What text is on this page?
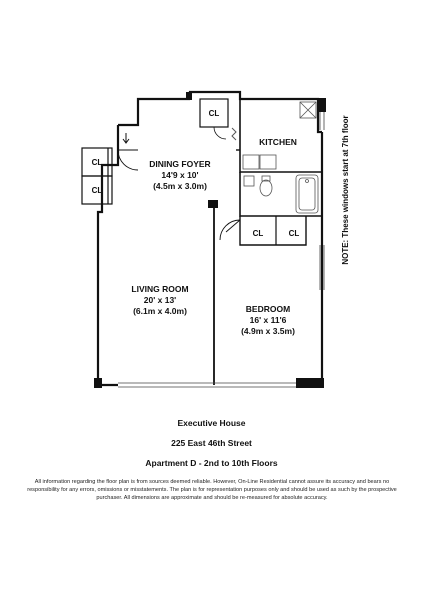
CL
CL
CL
CL	CL
KITCHEN
DINING FOYER
14'9 x 10'
(4.5m x 3.0m)
LIVING ROOM
20' x 13'
(6.1m x 4.0m)	BEDROOM
16' x 11'6
(4.9m x 3.5m)
NOTE: These windows start at 7th floor
Executive House
225 East 46th Street
Apartment D - 2nd to 10th Floors
All information regarding the floor plan is from sources deemed reliable. However, On-Line Residential cannot assure its accuracy and bears no responsibility for any errors, omissions or misstatements. The plan is for representation purposes only and should be used as such by the prospective purchaser. All dimensions are approximate and should be re-measured for absolute accuracy.
